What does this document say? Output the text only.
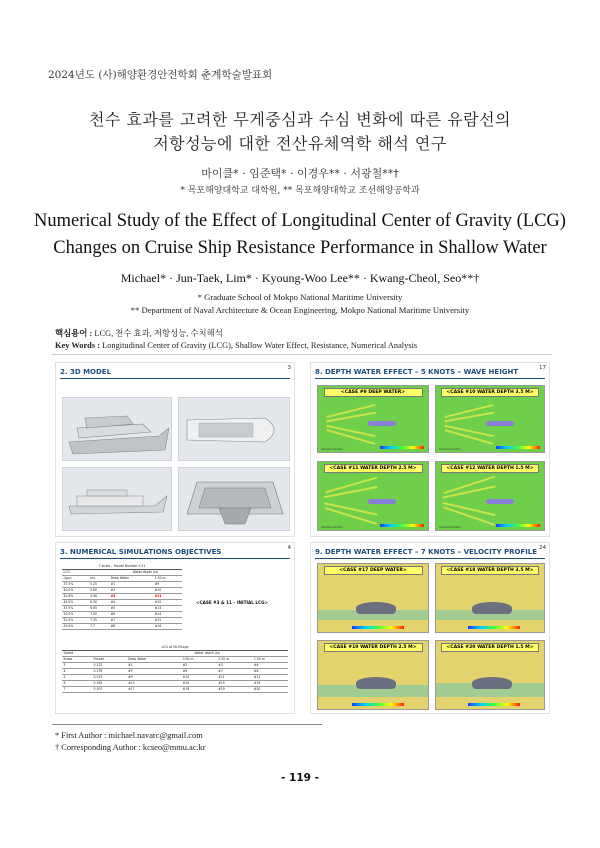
2024년도 (사)해양환경안전학회 춘계학술발표회
천수 효과를 고려한 무게중심과 수심 변화에 따른 유람선의
저항성능에 대한 전산유체역학 해석 연구
마이클* · 임준택* · 이경우** · 서광철**†
* 목포해양대학교 대학원, ** 목포해양대학교 조선해양공학과
Numerical Study of the Effect of Longitudinal Center of Gravity (LCG)
Changes on Cruise Ship Resistance Performance in Shallow Water
Michael* · Jun-Taek, Lim* · Kyoung-Woo Lee** · Kwang-Cheol, Seo**†
* Graduate School of Mokpo National Maritime University
** Department of Naval Architecture & Ocean Engineering, Mokpo National Maritime University
핵심용어 : LCG, 천수 효과, 저항성능, 수치해석
Key Words : Longitudinal Center of Gravity (LCG), Shallow Water Effect, Resistance, Numerical Analysis
2. 3D MODEL	3	8. DEPTH WATER EFFECT – 5 KNOTS – WAVE HEIGHT	17
<CASE #9 DEEP WATER>
Volume fraction
<CASE #10 WATER DEPTH 3.5 M>
Volume fraction
<CASE #11 WATER DEPTH 2.5 M>
Volume fraction
<CASE #12 WATER DEPTH 1.5 M>
Volume fraction
3. NUMERICAL SIMULATIONS OBJECTIVES	4
7 knots – Froude Number 0.31			
LCG		Water depth (m)	
(Lpp)	(m)	Deep Water	1.50 m
37.5%	5.25	#1	#9
40.0%	5.60	#2	#10
42.6%	5.96	#3	#11
45.0%	6.30	#4	#12
47.5%	6.65	#5	#13
50.0%	7.00	#6	#14
52.5%	7.35	#7	#15
55.0%	7.7	#8	#16
<CASE #3 & 11 – INITIAL LCG>
LCG at 50.0%Lpp					
Speed		Water depth (m)			
Knots	Froude	Deep Water	3.50 m	2.50 m	1.50 m
3	0.132	#1	#2	#3	#4
4	0.176	#5	#6	#7	#8
5	0.219	#9	#10	#11	#12
6	0.263	#13	#14	#15	#16
7	0.307	#17	#18	#19	#20
9. DEPTH WATER EFFECT – 7 KNOTS – VELOCITY PROFILE 24
<CASE #17 DEEP WATER>	<CASE #18 WATER DEPTH 3.5 M>
<CASE #19 WATER DEPTH 2.5 M>	<CASE #20 WATER DEPTH 1.5 M>
* First Author : michael.navarc@gmail.com
† Corresponding Author : kcseo@mmu.ac.kr
- 119 -
